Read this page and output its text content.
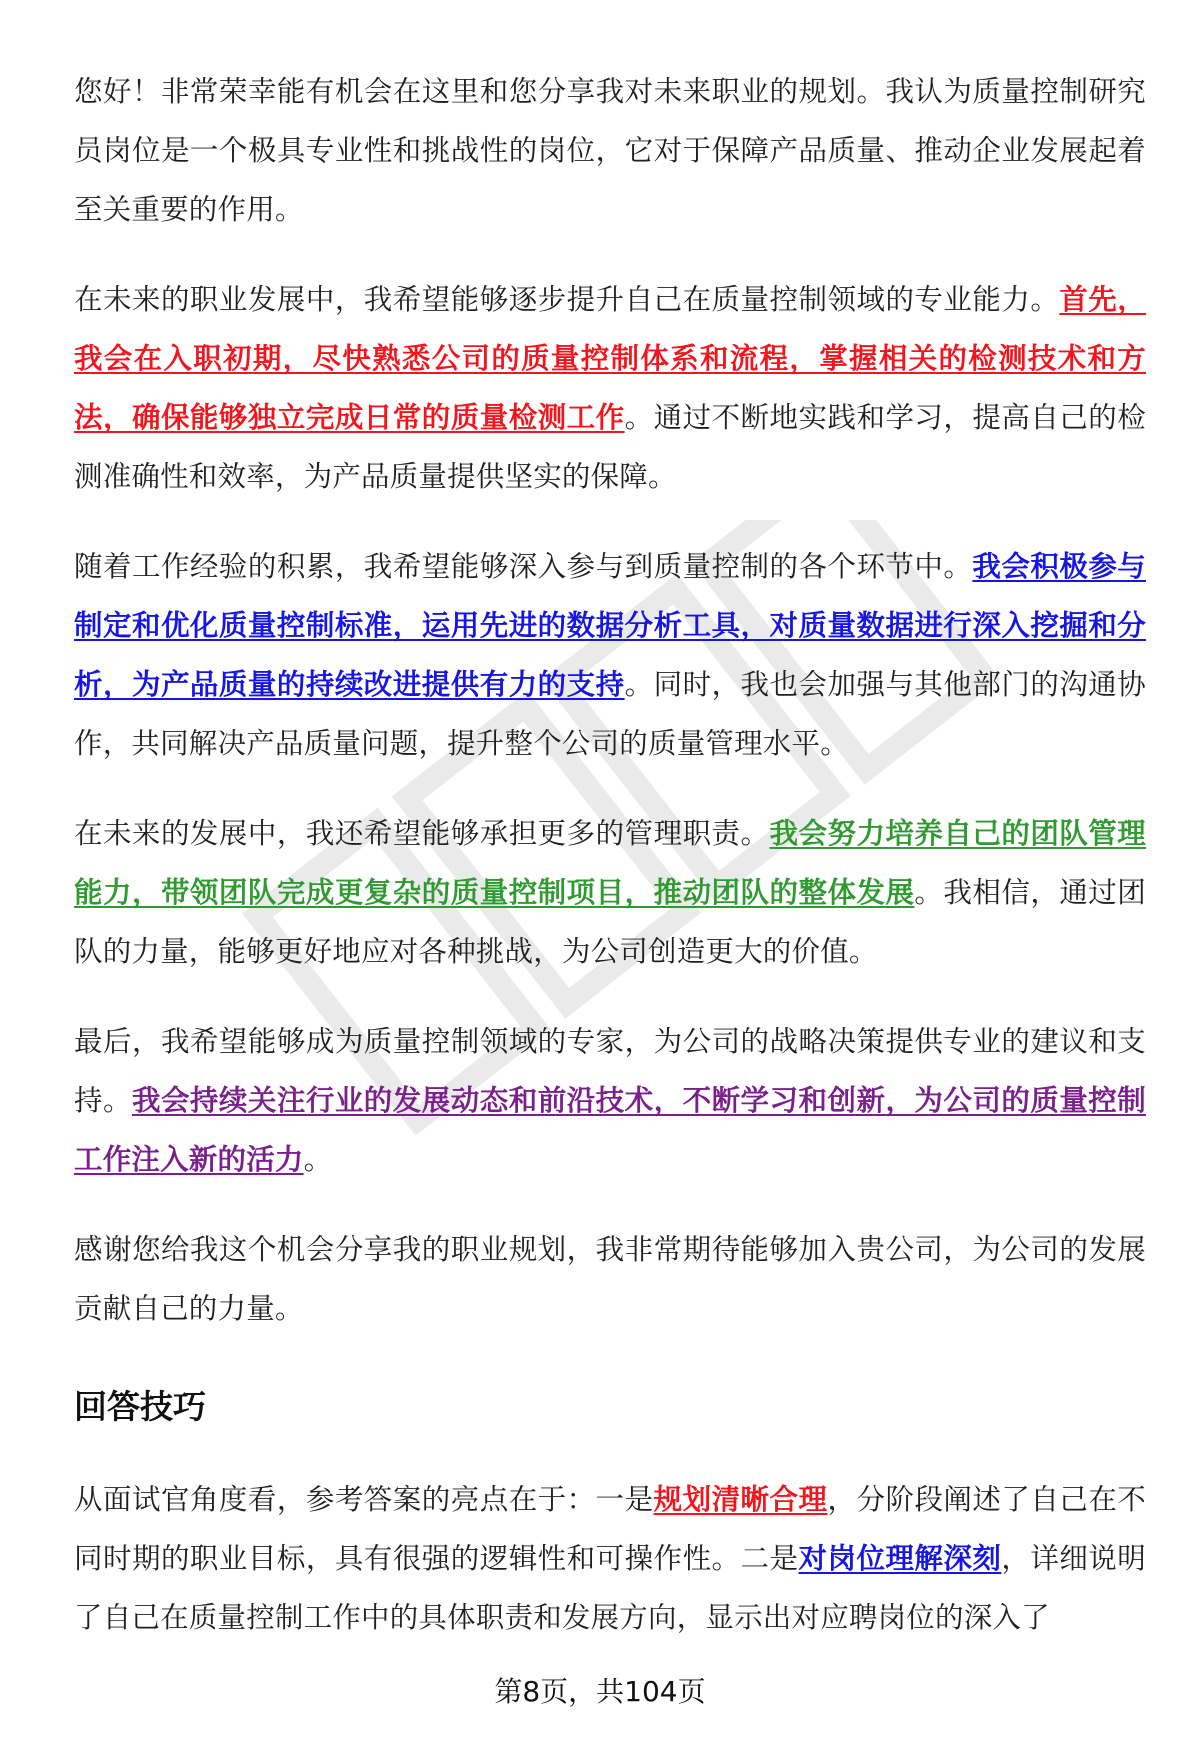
您好！非常荣幸能有机会在这里和您分享我对未来职业的规划。我认为质量控制研究员岗位是一个极具专业性和挑战性的岗位，它对于保障产品质量、推动企业发展起着至关重要的作用。
在未来的职业发展中，我希望能够逐步提升自己在质量控制领域的专业能力。首先，我会在入职初期，尽快熟悉公司的质量控制体系和流程，掌握相关的检测技术和方法，确保能够独立完成日常的质量检测工作。通过不断地实践和学习，提高自己的检测准确性和效率，为产品质量提供坚实的保障。
随着工作经验的积累，我希望能够深入参与到质量控制的各个环节中。我会积极参与制定和优化质量控制标准，运用先进的数据分析工具，对质量数据进行深入挖掘和分析，为产品质量的持续改进提供有力的支持。同时，我也会加强与其他部门的沟通协作，共同解决产品质量问题，提升整个公司的质量管理水平。
在未来的发展中，我还希望能够承担更多的管理职责。我会努力培养自己的团队管理能力，带领团队完成更复杂的质量控制项目，推动团队的整体发展。我相信，通过团队的力量，能够更好地应对各种挑战，为公司创造更大的价值。
最后，我希望能够成为质量控制领域的专家，为公司的战略决策提供专业的建议和支持。我会持续关注行业的发展动态和前沿技术，不断学习和创新，为公司的质量控制工作注入新的活力。
感谢您给我这个机会分享我的职业规划，我非常期待能够加入贵公司，为公司的发展贡献自己的力量。
回答技巧
从面试官角度看，参考答案的亮点在于：一是规划清晰合理，分阶段阐述了自己在不同时期的职业目标，具有很强的逻辑性和可操作性。二是对岗位理解深刻，详细说明了自己在质量控制工作中的具体职责和发展方向，显示出对应聘岗位的深入了
第8页，共104页
